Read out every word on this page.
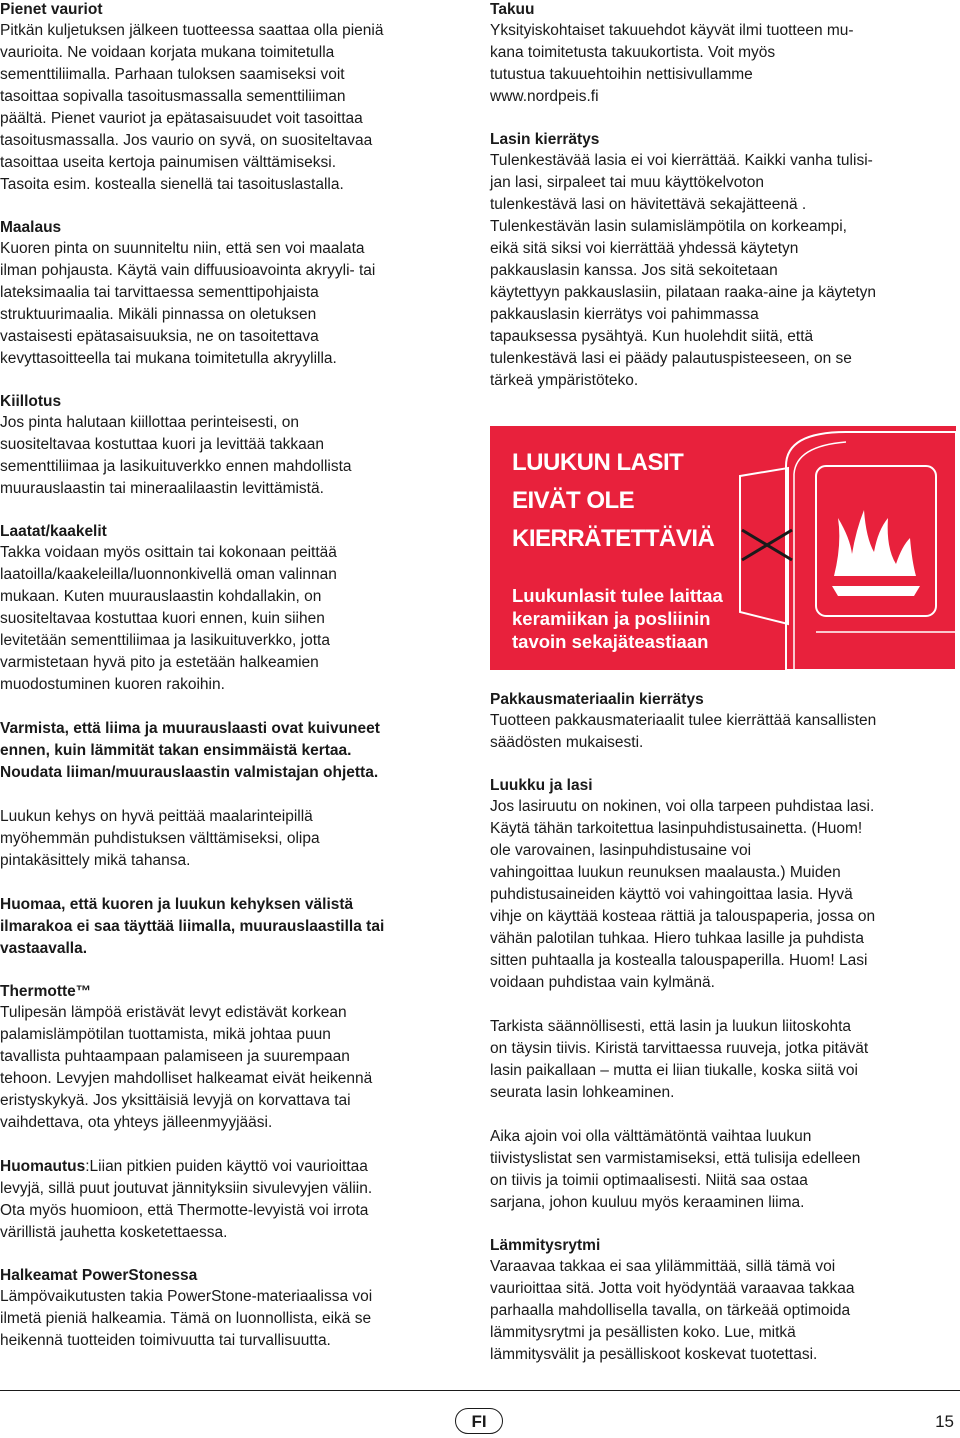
Pienet vauriot

Pitkän kuljetuksen jälkeen tuotteessa saattaa olla pieniä

vaurioita. Ne voidaan korjata mukana toimitetulla

sementtiliimalla. Parhaan tuloksen saamiseksi voit

tasoittaa sopivalla tasoitusmassalla sementtiliiman

päältä. Pienet vauriot ja epätasaisuudet voit tasoittaa

tasoitusmassalla. Jos vaurio on syvä, on suositeltavaa

tasoittaa useita kertoja painumisen välttämiseksi.

Tasoita esim. kostealla sienellä tai tasoituslastalla.

Maalaus

Kuoren pinta on suunniteltu niin, että sen voi maalata

ilman pohjausta. Käytä vain diffuusioavointa akryyli- tai

lateksimaalia tai tarvittaessa sementtipohjaista

struktuurimaalia. Mikäli pinnassa on oletuksen

vastaisesti epätasaisuuksia, ne on tasoitettava

kevyttasoitteella tai mukana toimitetulla akryylilla.

Kiillotus

Jos pinta halutaan kiillottaa perinteisesti, on

suositeltavaa kostuttaa kuori ja levittää takkaan

sementtiliimaa ja lasikuituverkko ennen mahdollista

muurauslaastin tai mineraalilaastin levittämistä.

Laatat/kaakelit

Takka voidaan myös osittain tai kokonaan peittää

laatoilla/kaakeleilla/luonnonkivellä oman valinnan

mukaan. Kuten muurauslaastin kohdallakin, on

suositeltavaa kostuttaa kuori ennen, kuin siihen

levitetään sementtiliimaa ja lasikuituverkko, jotta

varmistetaan hyvä pito ja estetään halkeamien

muodostuminen kuoren rakoihin.

Varmista, että liima ja muurauslaasti ovat kuivuneet

ennen, kuin lämmität takan ensimmäistä kertaa.

Noudata liiman/muurauslaastin valmistajan ohjetta.

Luukun kehys on hyvä peittää maalarinteipillä

myöhemmän puhdistuksen välttämiseksi, olipa

pintakäsittely mikä tahansa.

Huomaa, että kuoren ja luukun kehyksen välistä

ilmarakoa ei saa täyttää liimalla, muurauslaastilla tai

vastaavalla.

Thermotte™

Tulipesän lämpöä eristävät levyt edistävät korkean

palamislämpötilan tuottamista, mikä johtaa puun

tavallista puhtaampaan palamiseen ja suurempaan

tehoon. Levyjen mahdolliset halkeamat eivät heikennä

eristyskykyä. Jos yksittäisiä levyjä on korvattava tai

vaihdettava, ota yhteys jälleenmyyjääsi.

Huomautus:Liian pitkien puiden käyttö voi vaurioittaa

levyjä, sillä puut joutuvat jännityksiin sivulevyjen väliin.

Ota myös huomioon, että Thermotte-levyistä voi irrota

värillistä jauhetta kosketettaessa.

Halkeamat PowerStonessa

Lämpövaikutusten takia PowerStone-materiaalissa voi

ilmetä pieniä halkeamia. Tämä on luonnollista, eikä se

heikennä tuotteiden toimivuutta tai turvallisuutta.

Takuu

Yksityiskohtaiset takuuehdot käyvät ilmi tuotteen mu-

kana toimitetusta takuukortista. Voit myös

tutustua takuuehtoihin nettisivullamme

www.nordpeis.fi

Lasin kierrätys

Tulenkestävää lasia ei voi kierrättää. Kaikki vanha tulisi-

jan lasi, sirpaleet tai muu käyttökelvoton

tulenkestävä lasi on hävitettävä sekajätteenä .

Tulenkestävän lasin sulamislämpötila on korkeampi,

eikä sitä siksi voi kierrättää yhdessä käytetyn

pakkauslasin kanssa. Jos sitä sekoitetaan

käytettyyn pakkauslasiin, pilataan raaka-aine ja käytetyn

pakkauslasin kierrätys voi pahimmassa

tapauksessa pysähtyä. Kun huolehdit siitä, että

tulenkestävä lasi ei päädy palautuspisteeseen, on se

tärkeä ympäristöteko.

LUUKUN LASIT
EIVÄT OLE
KIERRÄTETTÄVIÄ
Luukunlasit tulee laittaa
keramiikan ja posliinin
tavoin sekajäteastiaan

Pakkausmateriaalin kierrätys

Tuotteen pakkausmateriaalit tulee kierrättää kansallisten

säädösten mukaisesti.

Luukku ja lasi

Jos lasiruutu on nokinen, voi olla tarpeen puhdistaa lasi.

Käytä tähän tarkoitettua lasinpuhdistusainetta. (Huom!

ole varovainen, lasinpuhdistusaine voi

vahingoittaa luukun reunuksen maalausta.) Muiden

puhdistusaineiden käyttö voi vahingoittaa lasia. Hyvä

vihje on käyttää kosteaa rättiä ja talouspaperia, jossa on

vähän palotilan tuhkaa. Hiero tuhkaa lasille ja puhdista

sitten puhtaalla ja kostealla talouspaperilla. Huom! Lasi

voidaan puhdistaa vain kylmänä.

Tarkista säännöllisesti, että lasin ja luukun liitoskohta

on täysin tiivis. Kiristä tarvittaessa ruuveja, jotka pitävät

lasin paikallaan – mutta ei liian tiukalle, koska siitä voi

seurata lasin lohkeaminen.

Aika ajoin voi olla välttämätöntä vaihtaa luukun

tiivistyslistat sen varmistamiseksi, että tulisija edelleen

on tiivis ja toimii optimaalisesti. Niitä saa ostaa

sarjana, johon kuuluu myös keraaminen liima.

Lämmitysrytmi

Varaavaa takkaa ei saa ylilämmittää, sillä tämä voi

vaurioittaa sitä. Jotta voit hyödyntää varaavaa takkaa

parhaalla mahdollisella tavalla, on tärkeää optimoida

lämmitysrytmi ja pesällisten koko. Lue, mitkä

lämmitysvälit ja pesälliskoot koskevat tuotettasi.

FI	15
